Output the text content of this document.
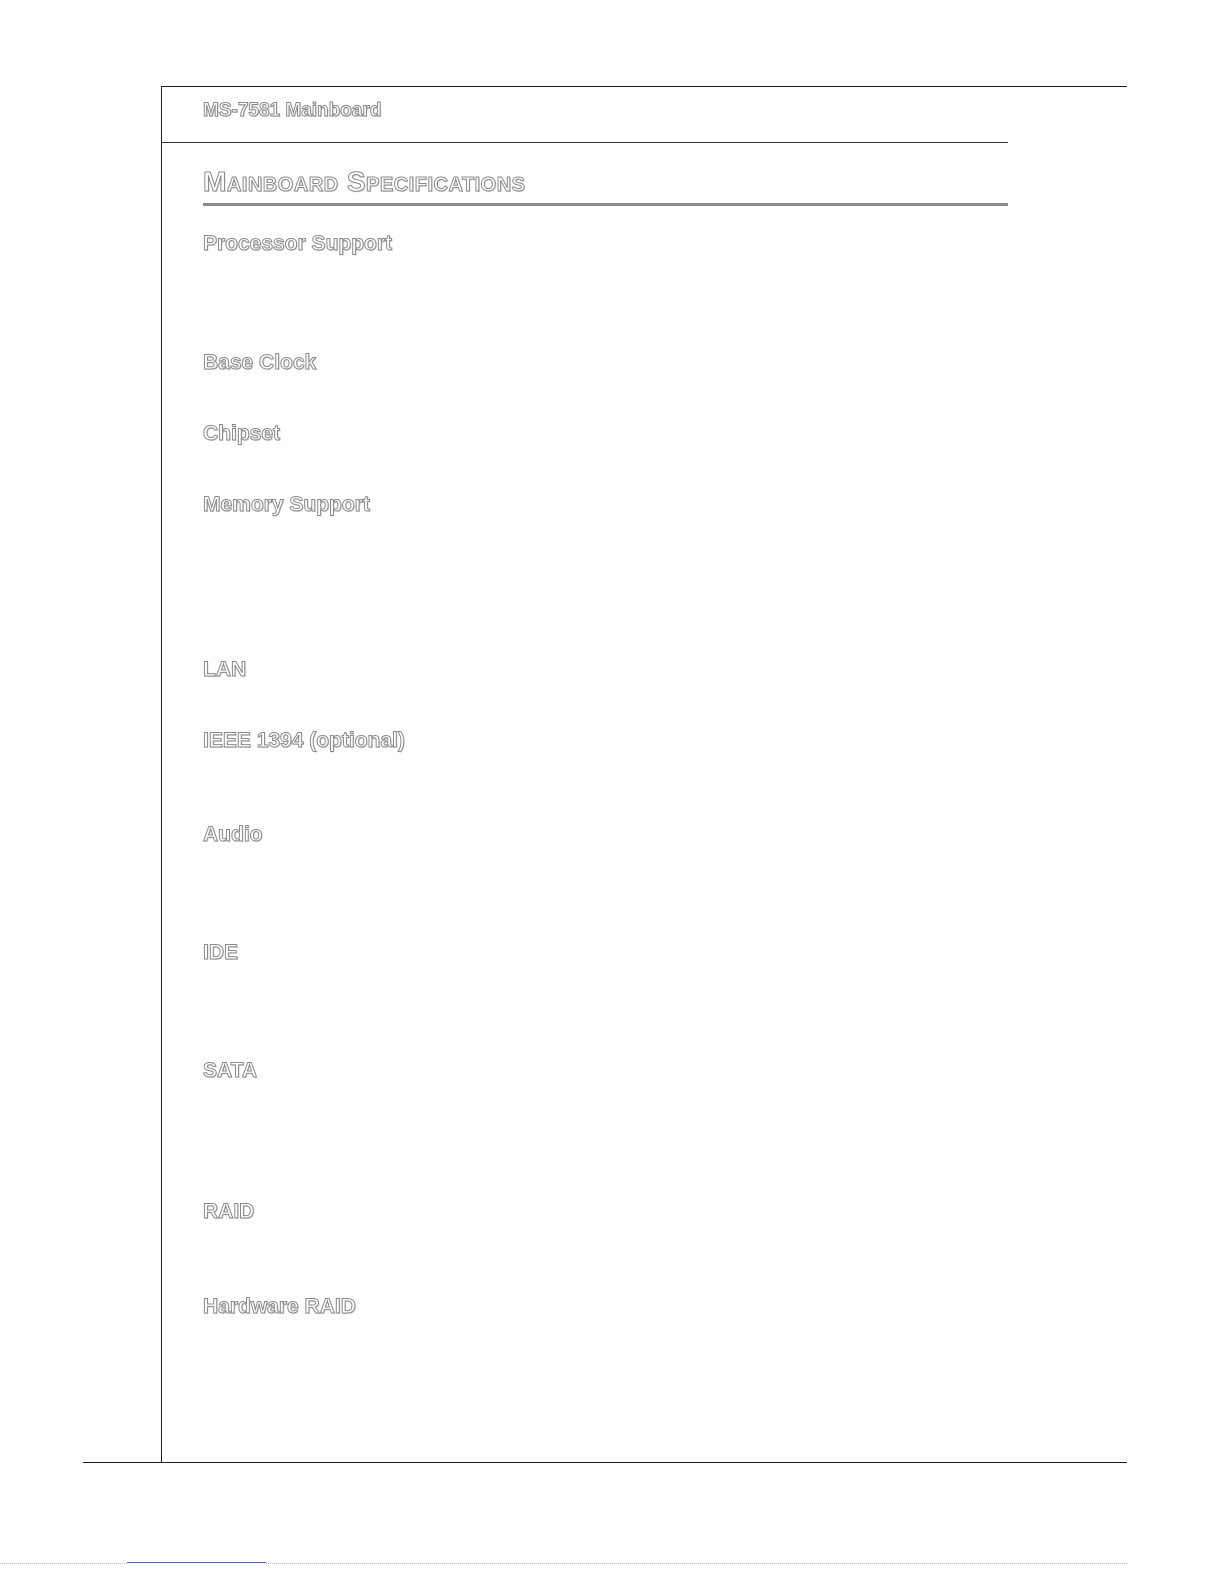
MS-7581 Mainboard
Mainboard Specifications
Processor Support
Base Clock
Chipset
Memory Support
LAN
IEEE 1394 (optional)
Audio
IDE
SATA
RAID
Hardware RAID
